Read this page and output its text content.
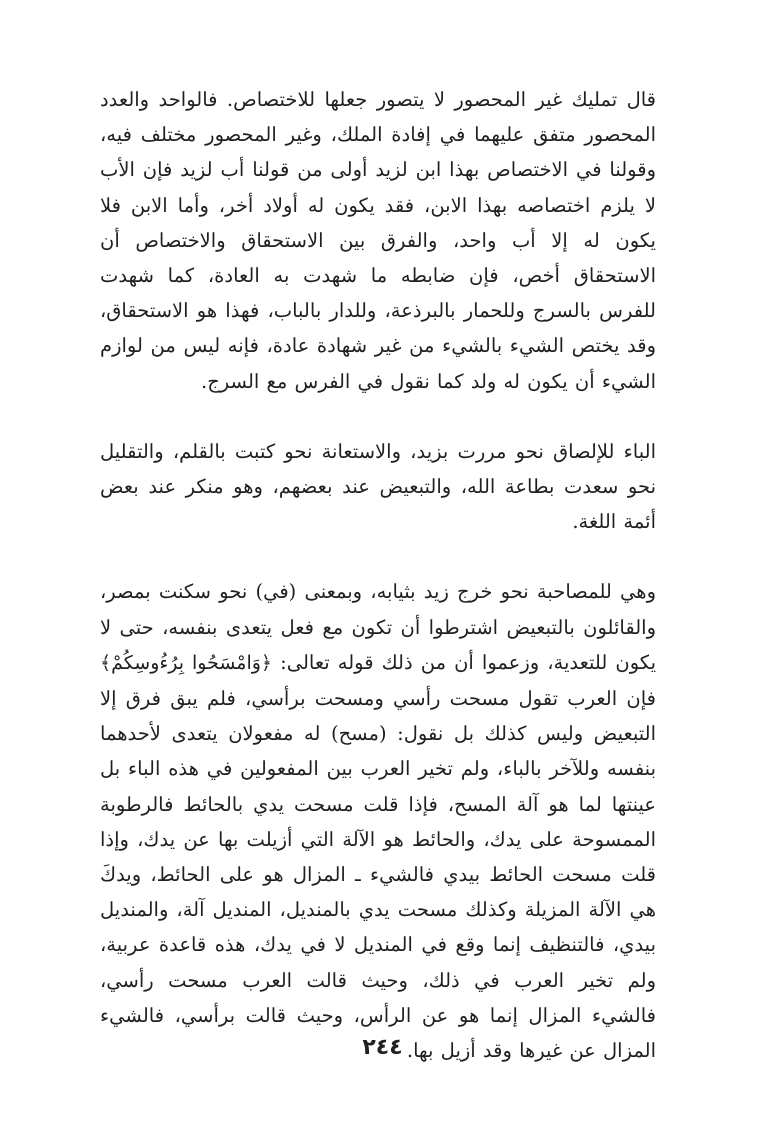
قال تمليك غير المحصور لا يتصور جعلها للاختصاص. فالواحد والعدد المحصور متفق عليهما في إفادة الملك، وغير المحصور مختلف فيه، وقولنا في الاختصاص بهذا ابن لزيد أولى من قولنا أب لزيد فإن الأب لا يلزم اختصاصه بهذا الابن، فقد يكون له أولاد أخر، وأما الابن فلا يكون له إلا أب واحد، والفرق بين الاستحقاق والاختصاص أن الاستحقاق أخص، فإن ضابطه ما شهدت به العادة، كما شهدت للفرس بالسرج وللحمار بالبرذعة، وللدار بالباب، فهذا هو الاستحقاق، وقد يختص الشيء بالشيء من غير شهادة عادة، فإنه ليس من لوازم الشيء أن يكون له ولد كما نقول في الفرس مع السرج.

الباء للإلصاق نحو مررت بزيد، والاستعانة نحو كتبت بالقلم، والتقليل نحو سعدت بطاعة الله، والتبعيض عند بعضهم، وهو منكر عند بعض أئمة اللغة.

وهي للمصاحبة نحو خرج زيد بثيابه، وبمعنى (في) نحو سكنت بمصر، والقائلون بالتبعيض اشترطوا أن تكون مع فعل يتعدى بنفسه، حتى لا يكون للتعدية، وزعموا أن من ذلك قوله تعالى: ﴿وَامْسَحُوا بِرُءُوسِكُمْ﴾ فإن العرب تقول مسحت رأسي ومسحت برأسي، فلم يبق فرق إلا التبعيض وليس كذلك بل نقول: (مسح) له مفعولان يتعدى لأحدهما بنفسه وللآخر بالباء، ولم تخير العرب بين المفعولين في هذه الباء بل عينتها لما هو آلة المسح، فإذا قلت مسحت يدي بالحائط فالرطوبة الممسوحة على يدك، والحائط هو الآلة التي أزيلت بها عن يدك، وإذا قلت مسحت الحائط بيدي فالشيء ـ المزال هو على الحائط، ويدكَ هي الآلة المزيلة وكذلك مسحت يدي بالمنديل، المنديل آلة، والمنديل بيدي، فالتنظيف إنما وقع في المنديل لا في يدك، هذه قاعدة عربية، ولم تخير العرب في ذلك، وحيث قالت العرب مسحت رأسي، فالشيء المزال إنما هو عن الرأس، وحيث قالت برأسي، فالشيء المزال عن غيرها وقد أزيل بها.

٢٤٤
